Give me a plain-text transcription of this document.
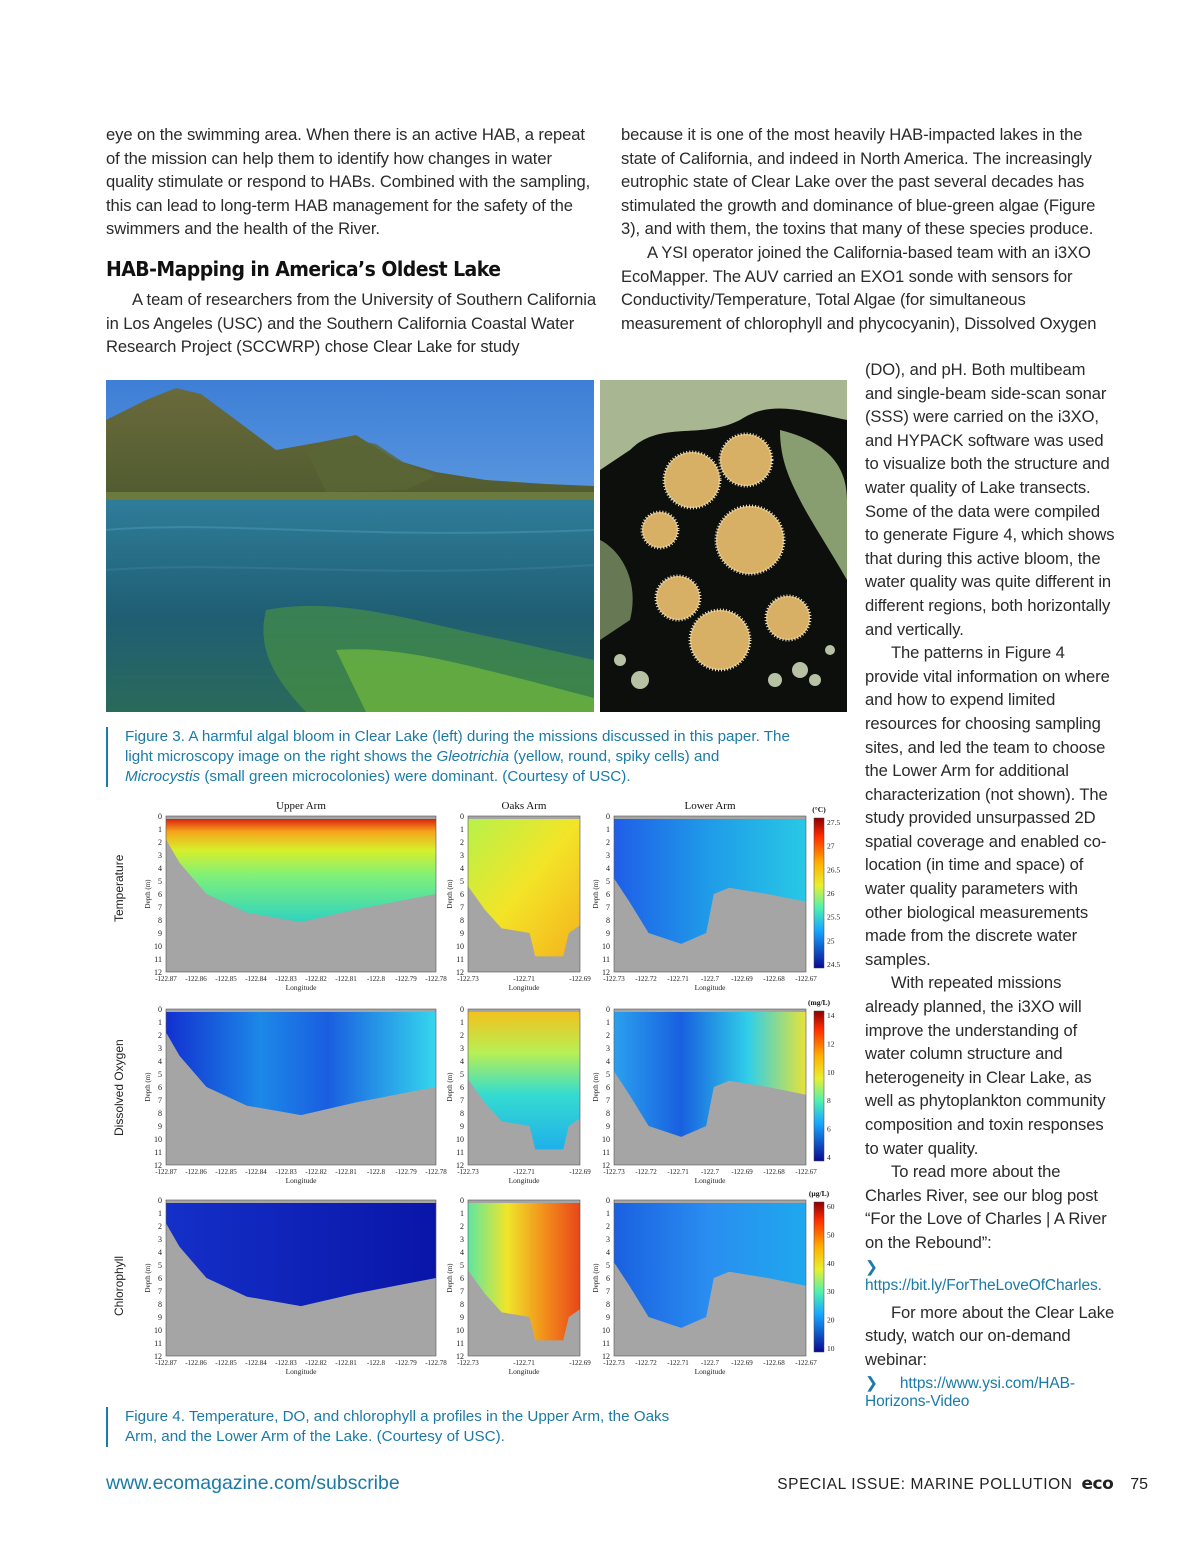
eye on the swimming area. When there is an active HAB, a repeat of the mission can help them to identify how changes in water quality stimulate or respond to HABs. Combined with the sampling, this can lead to long-term HAB management for the safety of the swimmers and the health of the River.

HAB-Mapping in America’s Oldest Lake

A team of researchers from the University of Southern California in Los Angeles (USC) and the Southern California Coastal Water Research Project (SCCWRP) chose Clear Lake for study

because it is one of the most heavily HAB-impacted lakes in the state of California, and indeed in North America. The increasingly eutrophic state of Clear Lake over the past several decades has stimulated the growth and dominance of blue-green algae (Figure 3), and with them, the toxins that many of these species produce.

A YSI operator joined the California-based team with an i3XO EcoMapper. The AUV carried an EXO1 sonde with sensors for Conductivity/Temperature, Total Algae (for simultaneous measurement of chlorophyll and phycocyanin), Dissolved Oxygen

(DO), and pH. Both multibeam and single-beam side-scan sonar (SSS) were carried on the i3XO, and HYPACK software was used to visualize both the structure and water quality of Lake transects. Some of the data were compiled to generate Figure 4, which shows that during this active bloom, the water quality was quite different in different regions, both horizontally and vertically.

The patterns in Figure 4 provide vital information on where and how to expend limited resources for choosing sampling sites, and led the team to choose the Lower Arm for additional characterization (not shown). The study provided unsurpassed 2D spatial coverage and enabled co-location (in time and space) of water quality parameters with other biological measurements made from the discrete water samples.

With repeated missions already planned, the i3XO will improve the understanding of water column structure and heterogeneity in Clear Lake, as well as phytoplankton community composition and toxin responses to water quality.

To read more about the Charles River, see our blog post “For the Love of Charles | A River on the Rebound”:

❯https://bit.ly/ForTheLoveOfCharles.

For more about the Clear Lake study, watch our on-demand webinar:

❯ https://www.ysi.com/HAB-Horizons-Video
Figure 3. A harmful algal bloom in Clear Lake (left) during the missions discussed in this paper. The light microscopy image on the right shows the Gleotrichia (yellow, round, spiky cells) and Microcystis (small green microcolonies) were dominant. (Courtesy of USC).
Temperature
Dissolved Oxygen
Chlorophyll
Upper Arm	Oaks Arm	Lower Arm
0
1
2
3
4
5
6
7
8
9
10
11
12
Depth (m)
-122.87 -122.86 -122.85 -122.84 -122.83 -122.82 -122.81 -122.8 -122.79 -122.78
Longitude
0
1
2
3
4
5
6
7
8
9
10
11
12
Depth (m)
-122.73	-122.71	-122.69
Longitude
0
1
2
3
4
5
6
7
8
9
10
11
12
Depth (m)
-122.73 -122.72 -122.71 -122.7 -122.69 -122.68 -122.67
Longitude
(°C)
27.5
27
26.5
26
25.5
25
24.5
0
1
2
3
4
5
6
7
8
9
10
11
12
Depth (m)
-122.87 -122.86 -122.85 -122.84 -122.83 -122.82 -122.81 -122.8 -122.79 -122.78
Longitude
0
1
2
3
4
5
6
7
8
9
10
11
12
Depth (m)
-122.73	-122.71	-122.69
Longitude
0
1
2
3
4
5
6
7
8
9
10
11
12
Depth (m)
-122.73 -122.72 -122.71 -122.7 -122.69 -122.68 -122.67
Longitude
(mg/L)
14
12
10
8
6
4
0
1
2
3
4
5
6
7
8
9
10
11
12
Depth (m)
-122.87 -122.86 -122.85 -122.84 -122.83 -122.82 -122.81 -122.8 -122.79 -122.78
Longitude
0
1
2
3
4
5
6
7
8
9
10
11
12
Depth (m)
-122.73	-122.71	-122.69
Longitude
0
1
2
3
4
5
6
7
8
9
10
11
12
Depth (m)
-122.73 -122.72 -122.71 -122.7 -122.69 -122.68 -122.67
Longitude
(µg/L)
60
50
40
30
20
10
Figure 4. Temperature, DO, and chlorophyll a profiles in the Upper Arm, the Oaks Arm, and the Lower Arm of the Lake. (Courtesy of USC).
www.ecomagazine.com/subscribe	SPECIAL ISSUE: MARINE POLLUTION eco 75
